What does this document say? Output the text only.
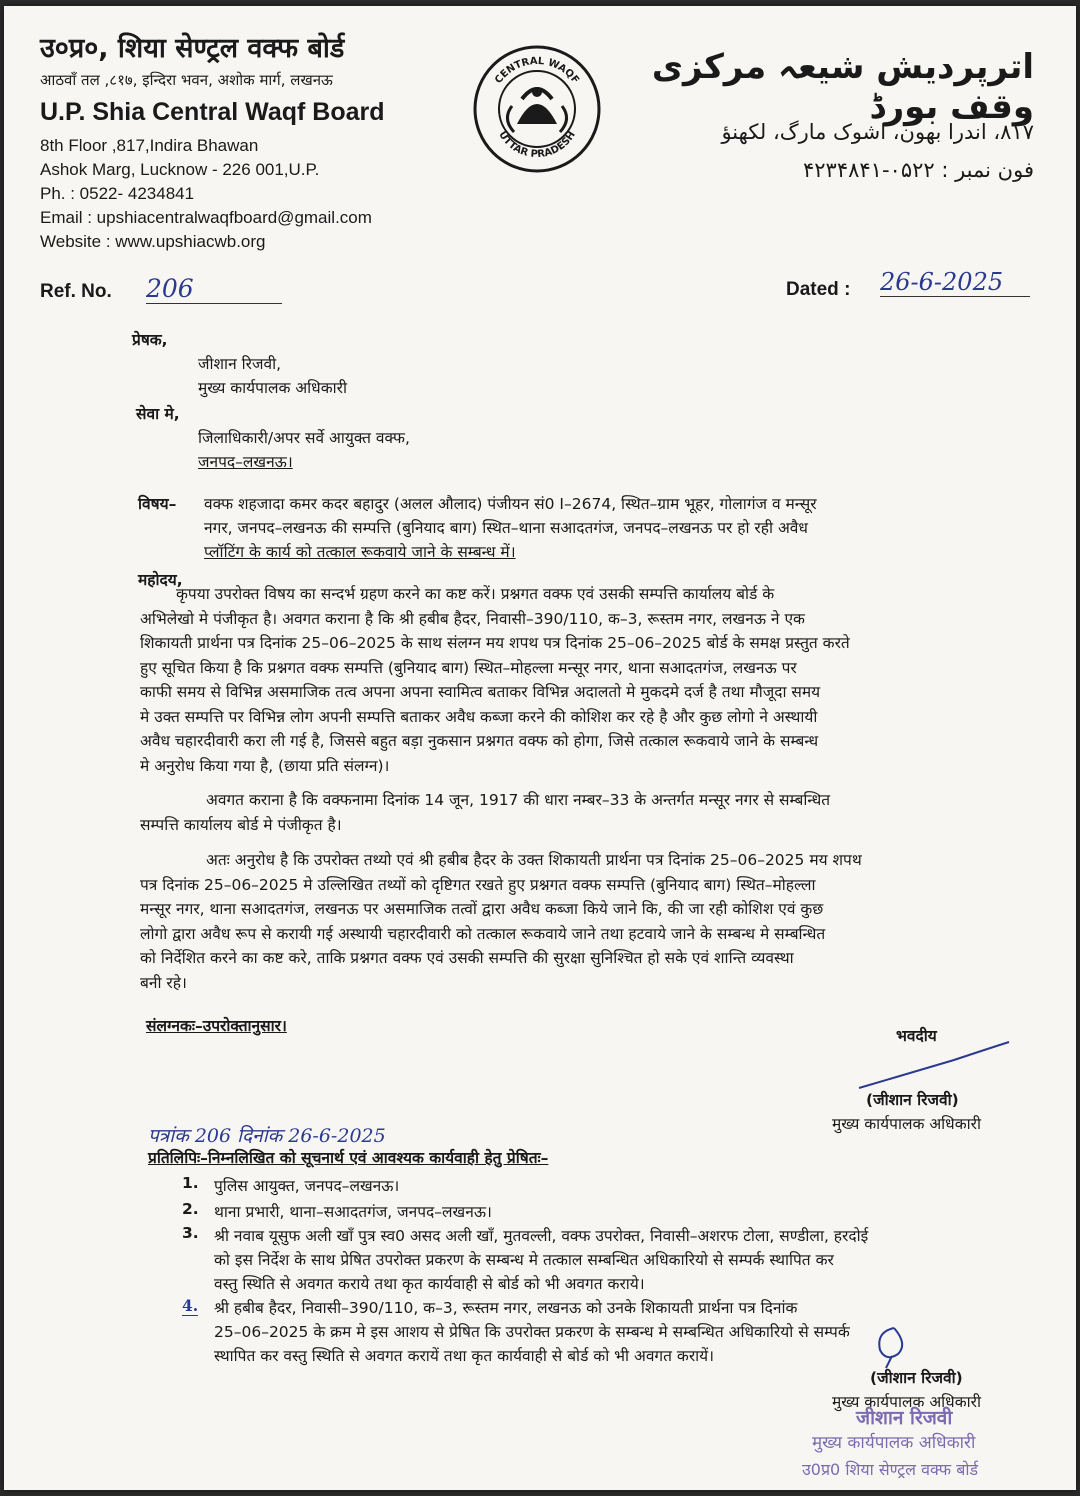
उ०प्र०, शिया सेण्ट्रल वक्फ बोर्ड
आठवाँ तल ,८१७, इन्दिरा भवन, अशोक मार्ग, लखनऊ
U.P. Shia Central Waqf Board
8th Floor ,817,Indira Bhawan
Ashok Marg, Lucknow - 226 001,U.P.
Ph. : 0522- 4234841
Email : upshiacentralwaqfboard@gmail.com
Website : www.upshiacwb.org
CENTRAL WAQF
UTTAR PRADESH
اترپردیش شیعہ مرکزی وقف بورڈ
۸۱۷، اندرا بھون، اشوک مارگ، لکھنؤ
فون نمبر : ۰۵۲۲-۴۲۳۴۸۴۱
Ref. No. 206	Dated : 26-6-2025
प्रेषक,
जीशान रिजवी,
मुख्य कार्यपालक अधिकारी
सेवा मे,
जिलाधिकारी/अपर सर्वे आयुक्त वक्फ,
जनपद–लखनऊ।
विषय– वक्फ शहजादा कमर कदर बहादुर (अलल औलाद) पंजीयन सं0 I–2674, स्थित–ग्राम भूहर, गोलागंज व मन्सूर
नगर, जनपद–लखनऊ की सम्पत्ति (बुनियाद बाग) स्थित–थाना सआदतगंज, जनपद–लखनऊ पर हो रही अवैध
प्लॉटिंग के कार्य को तत्काल रूकवाये जाने के सम्बन्ध में।
महोदय,
कृपया उपरोक्त विषय का सन्दर्भ ग्रहण करने का कष्ट करें। प्रश्नगत वक्फ एवं उसकी सम्पत्ति कार्यालय बोर्ड के
अभिलेखो मे पंजीकृत है। अवगत कराना है कि श्री हबीब हैदर, निवासी–390/110, क–3, रूस्तम नगर, लखनऊ ने एक
शिकायती प्रार्थना पत्र दिनांक 25–06–2025 के साथ संलग्न मय शपथ पत्र दिनांक 25–06–2025 बोर्ड के समक्ष प्रस्तुत करते
हुए सूचित किया है कि प्रश्नगत वक्फ सम्पत्ति (बुनियाद बाग) स्थित–मोहल्ला मन्सूर नगर, थाना सआदतगंज, लखनऊ पर
काफी समय से विभिन्न असमाजिक तत्व अपना अपना स्वामित्व बताकर विभिन्न अदालतो मे मुकदमे दर्ज है तथा मौजूदा समय
मे उक्त सम्पत्ति पर विभिन्न लोग अपनी सम्पत्ति बताकर अवैध कब्जा करने की कोशिश कर रहे है और कुछ लोगो ने अस्थायी
अवैध चहारदीवारी करा ली गई है, जिससे बहुत बड़ा नुकसान प्रश्नगत वक्फ को होगा, जिसे तत्काल रूकवाये जाने के सम्बन्ध
मे अनुरोध किया गया है, (छाया प्रति संलग्न)।
अवगत कराना है कि वक्फनामा दिनांक 14 जून, 1917 की धारा नम्बर–33 के अन्तर्गत मन्सूर नगर से सम्बन्धित
सम्पत्ति कार्यालय बोर्ड मे पंजीकृत है।
अतः अनुरोध है कि उपरोक्त तथ्यो एवं श्री हबीब हैदर के उक्त शिकायती प्रार्थना पत्र दिनांक 25–06–2025 मय शपथ
पत्र दिनांक 25–06–2025 मे उल्लिखित तथ्यों को दृष्टिगत रखते हुए प्रश्नगत वक्फ सम्पत्ति (बुनियाद बाग) स्थित–मोहल्ला
मन्सूर नगर, थाना सआदतगंज, लखनऊ पर असमाजिक तत्वों द्वारा अवैध कब्जा किये जाने कि, की जा रही कोशिश एवं कुछ
लोगो द्वारा अवैध रूप से करायी गई अस्थायी चहारदीवारी को तत्काल रूकवाये जाने तथा हटवाये जाने के सम्बन्ध मे सम्बन्धित
को निर्देशित करने का कष्ट करे, ताकि प्रश्नगत वक्फ एवं उसकी सम्पत्ति की सुरक्षा सुनिश्चित हो सके एवं शान्ति व्यवस्था
बनी रहे।
संलग्नकः–उपरोक्तानुसार।
भवदीय
(जीशान रिजवी)
मुख्य कार्यपालक अधिकारी
पत्रांक 206 दिनांक 26-6-2025
प्रतिलिपिः–निम्नलिखित को सूचनार्थ एवं आवश्यक कार्यवाही हेतु प्रेषितः–
1. पुलिस आयुक्त, जनपद–लखनऊ।
2. थाना प्रभारी, थाना–सआदतगंज, जनपद–लखनऊ।
3. श्री नवाब यूसुफ अली खाँ पुत्र स्व0 असद अली खाँ, मुतवल्ली, वक्फ उपरोक्त, निवासी–अशरफ टोला, सण्डीला, हरदोई
को इस निर्देश के साथ प्रेषित उपरोक्त प्रकरण के सम्बन्ध मे तत्काल सम्बन्धित अधिकारियो से सम्पर्क स्थापित कर
वस्तु स्थिति से अवगत कराये तथा कृत कार्यवाही से बोर्ड को भी अवगत कराये।
4. श्री हबीब हैदर, निवासी–390/110, क–3, रूस्तम नगर, लखनऊ को उनके शिकायती प्रार्थना पत्र दिनांक
25–06–2025 के क्रम मे इस आशय से प्रेषित कि उपरोक्त प्रकरण के सम्बन्ध मे सम्बन्धित अधिकारियो से सम्पर्क
स्थापित कर वस्तु स्थिति से अवगत करायें तथा कृत कार्यवाही से बोर्ड को भी अवगत करायें।
(जीशान रिजवी)
मुख्य कार्यपालक अधिकारी
जीशान रिजवी
मुख्य कार्यपालक अधिकारी
उ0प्र0 शिया सेण्ट्रल वक्फ बोर्ड
